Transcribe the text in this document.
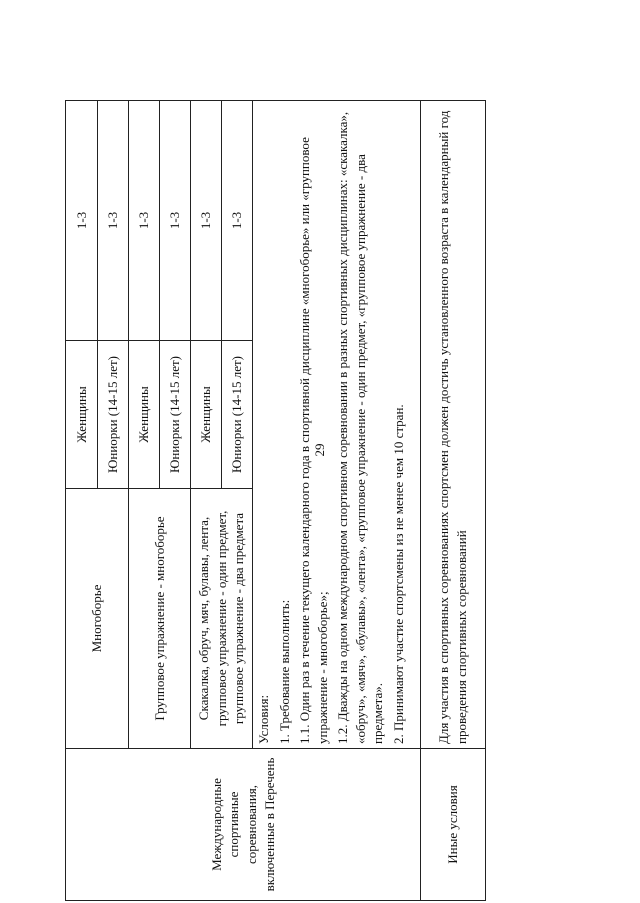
29
Международные спортивные соревнования, включенные в Перечень	Многоборье	Женщины	1-3
		Юниорки (14-15 лет)	1-3
	Групповое упражнение - многоборье	Женщины	1-3
		Юниорки (14-15 лет)	1-3
	Скакалка, обруч, мяч, булавы, лента, групповое упражнение - один предмет, групповое упражнение - два предмета	Женщины	1-3
		Юниорки (14-15 лет)	1-3

	Условия: 1. Требование выполнить: 1.1. Один раз в течение текущего календарного года в спортивной дисциплине «многоборье» или «групповое упражнение - многоборье»; 1.2. Дважды на одном международном спортивном соревновании в разных спортивных дисциплинах: «скакалка», «обруч», «мяч», «булавы», «лента», «групповое упражнение - один предмет, «групповое упражнение - два предмета». 2. Принимают участие спортсмены из не менее чем 10 стран.		

Иные условия	Для участия в спортивных соревнованиях спортсмен должен достичь установленного возраста в календарный год проведения спортивных соревнований		
